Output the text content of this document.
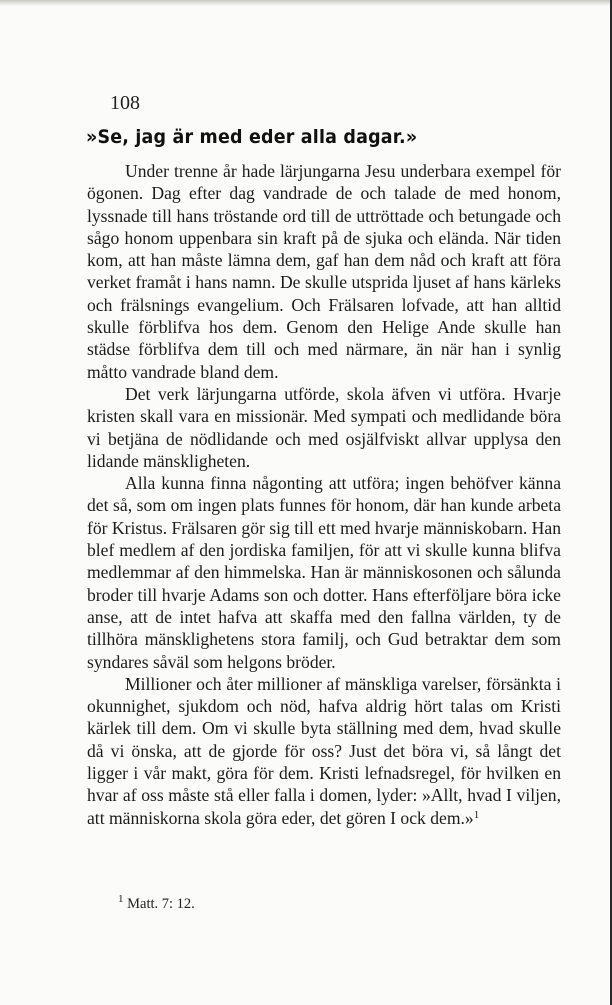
108
»Se, jag är med eder alla dagar.»

Under trenne år hade lärjungarna Jesu underbara exempel för ögonen. Dag efter dag vandrade de och talade de med honom, lyssnade till hans tröstande ord till de uttröttade och betungade och sågo honom uppenbara sin kraft på de sjuka och elända. När tiden kom, att han måste lämna dem, gaf han dem nåd och kraft att föra verket framåt i hans namn. De skulle utsprida ljuset af hans kärleks och frälsnings evangelium. Och Frälsaren lofvade, att han alltid skulle förblifva hos dem. Genom den Helige Ande skulle han städse förblifva dem till och med närmare, än när han i synlig måtto vandrade bland dem.

Det verk lärjungarna utförde, skola äfven vi utföra. Hvarje kristen skall vara en missionär. Med sympati och medlidande böra vi betjäna de nödlidande och med osjälfviskt allvar upplysa den lidande mänskligheten.

Alla kunna finna någonting att utföra; ingen behöfver känna det så, som om ingen plats funnes för honom, där han kunde arbeta för Kristus. Frälsaren gör sig till ett med hvarje människobarn. Han blef medlem af den jordiska familjen, för att vi skulle kunna blifva medlemmar af den himmelska. Han är människosonen och sålunda broder till hvarje Adams son och dotter. Hans efterföljare böra icke anse, att de intet hafva att skaffa med den fallna världen, ty de tillhöra mänsklighetens stora familj, och Gud betraktar dem som syndares såväl som helgons bröder.

Millioner och åter millioner af mänskliga varelser, försänkta i okunnighet, sjukdom och nöd, hafva aldrig hört talas om Kristi kärlek till dem. Om vi skulle byta ställning med dem, hvad skulle då vi önska, att de gjorde för oss? Just det böra vi, så långt det ligger i vår makt, göra för dem. Kristi lefnadsregel, för hvilken en hvar af oss måste stå eller falla i domen, lyder: »Allt, hvad I viljen, att människorna skola göra eder, det gören I ock dem.»$^1$

$^1$ Matt. 7: 12.
